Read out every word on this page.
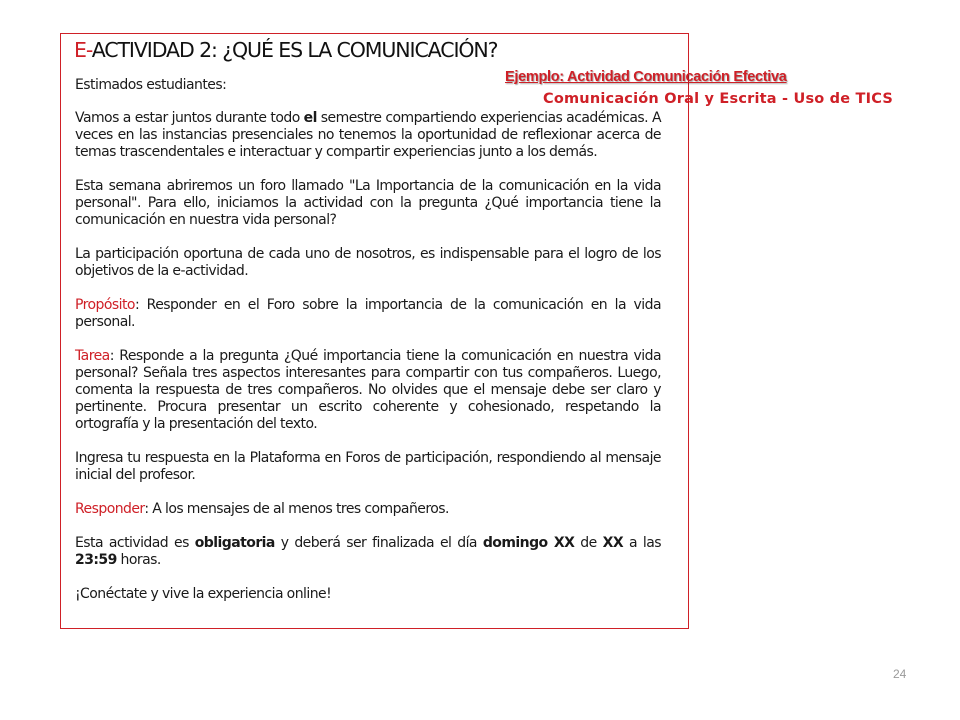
E-ACTIVIDAD 2: ¿QUÉ ES LA COMUNICACIÓN?

Estimados estudiantes:

Vamos a estar juntos durante todo el semestre compartiendo experiencias académicas. A veces en las instancias presenciales no tenemos la oportunidad de reflexionar acerca de temas trascendentales e interactuar y compartir experiencias junto a los demás.

Esta semana abriremos un foro llamado "La Importancia de la comunicación en la vida personal". Para ello, iniciamos la actividad con la pregunta ¿Qué importancia tiene la comunicación en nuestra vida personal?

La participación oportuna de cada uno de nosotros, es indispensable para el logro de los objetivos de la e-actividad.

Propósito: Responder en el Foro sobre la importancia de la comunicación en la vida personal.

Tarea: Responde a la pregunta ¿Qué importancia tiene la comunicación en nuestra vida personal? Señala tres aspectos interesantes para compartir con tus compañeros. Luego, comenta la respuesta de tres compañeros. No olvides que el mensaje debe ser claro y pertinente. Procura presentar un escrito coherente y cohesionado, respetando la ortografía y la presentación del texto.

Ingresa tu respuesta en la Plataforma en Foros de participación, respondiendo al mensaje inicial del profesor.

Responder: A los mensajes de al menos tres compañeros.

Esta actividad es obligatoria y deberá ser finalizada el día domingo XX de XX a las 23:59 horas.

¡Conéctate y vive la experiencia online!

Ejemplo: Actividad Comunicación Efectiva
Comunicación Oral y Escrita - Uso de TICS
24
